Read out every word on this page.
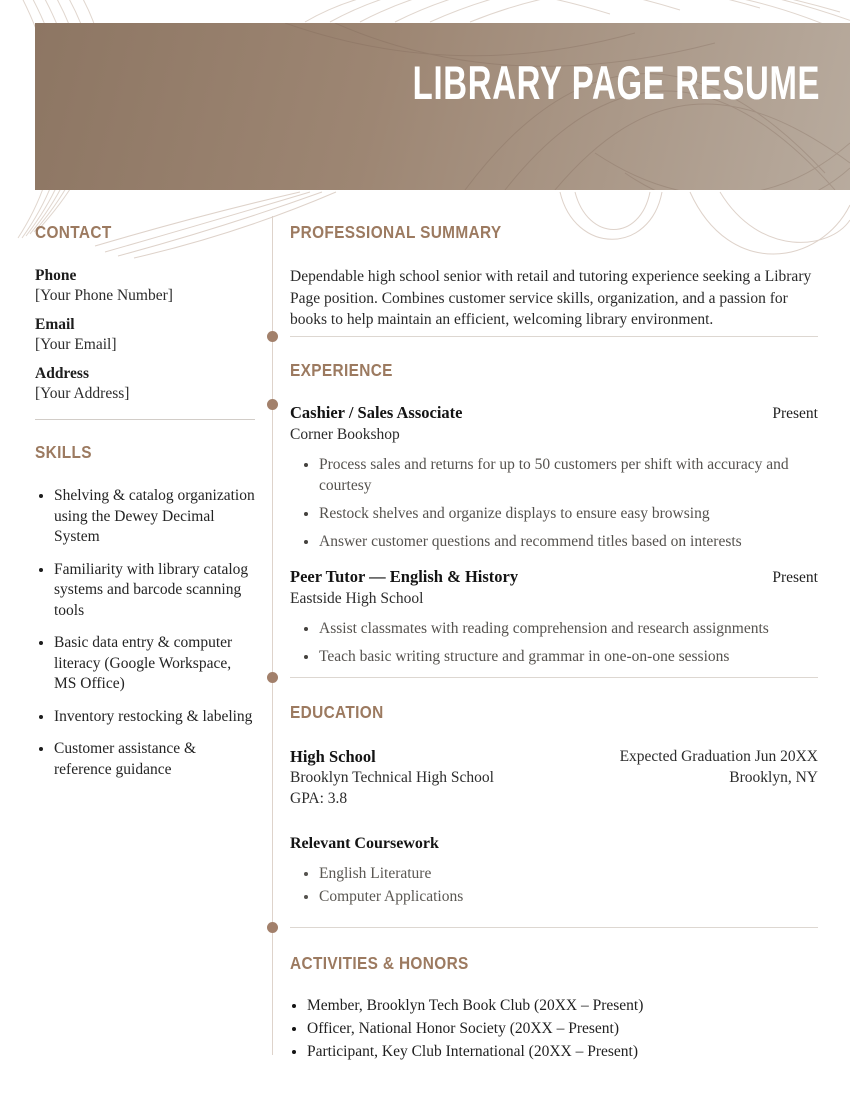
LIBRARY PAGE RESUME
CONTACT
Phone
[Your Phone Number]
Email
[Your Email]
Address
[Your Address]
SKILLS
• Shelving & catalog organization using the Dewey Decimal System
• Familiarity with library catalog systems and barcode scanning tools
• Basic data entry & computer literacy (Google Workspace, MS Office)
• Inventory restocking & labeling
• Customer assistance & reference guidance
PROFESSIONAL SUMMARY

Dependable high school senior with retail and tutoring experience seeking a Library Page position. Combines customer service skills, organization, and a passion for books to help maintain an efficient, welcoming library environment.

EXPERIENCE
Cashier / Sales Associate	Present
Corner Bookshop
• Process sales and returns for up to 50 customers per shift with accuracy and courtesy
• Restock shelves and organize displays to ensure easy browsing
• Answer customer questions and recommend titles based on interests
Peer Tutor — English & History	Present
Eastside High School
• Assist classmates with reading comprehension and research assignments
• Teach basic writing structure and grammar in one-on-one sessions
EDUCATION
High School
Brooklyn Technical High School
GPA: 3.8
Expected Graduation Jun 20XX
Brooklyn, NY
Relevant Coursework
• English Literature
• Computer Applications
ACTIVITIES & HONORS
• Member, Brooklyn Tech Book Club (20XX – Present)
• Officer, National Honor Society (20XX – Present)
• Participant, Key Club International (20XX – Present)
